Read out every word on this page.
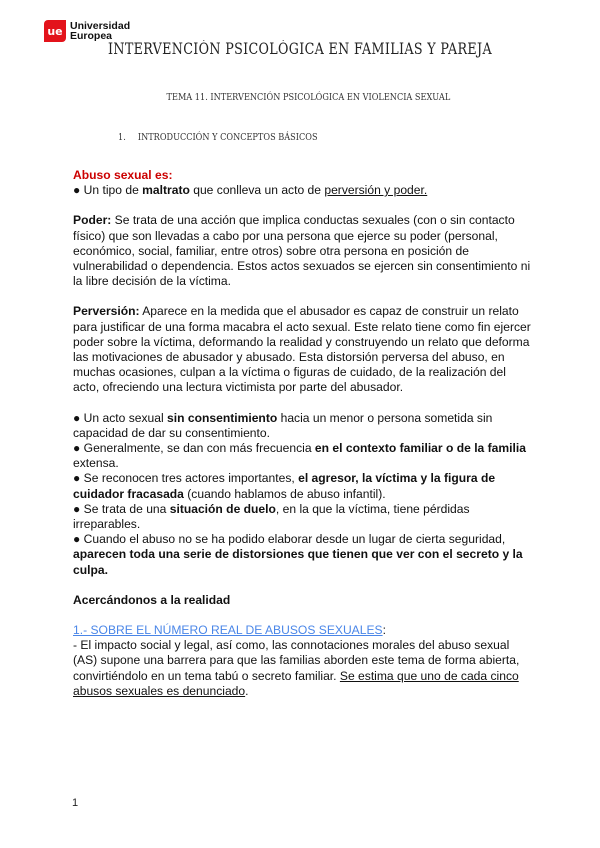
ue Universidad
Europea
INTERVENCIÓN PSICOLÓGICA EN FAMILIAS Y PAREJA
TEMA 11. INTERVENCIÓN PSICOLÓGICA EN VIOLENCIA SEXUAL
1. INTRODUCCIÓN Y CONCEPTOS BÁSICOS

Abuso sexual es:

● Un tipo de maltrato que conlleva un acto de perversión y poder.

Poder: Se trata de una acción que implica conductas sexuales (con o sin contacto físico) que son llevadas a cabo por una persona que ejerce su poder (personal, económico, social, familiar, entre otros) sobre otra persona en posición de vulnerabilidad o dependencia. Estos actos sexuados se ejercen sin consentimiento ni la libre decisión de la víctima.

Perversión: Aparece en la medida que el abusador es capaz de construir un relato para justificar de una forma macabra el acto sexual. Este relato tiene como fin ejercer poder sobre la víctima, deformando la realidad y construyendo un relato que deforma las motivaciones de abusador y abusado. Esta distorsión perversa del abuso, en muchas ocasiones, culpan a la víctima o figuras de cuidado, de la realización del acto, ofreciendo una lectura victimista por parte del abusador.

● Un acto sexual sin consentimiento hacia un menor o persona sometida sin capacidad de dar su consentimiento.

● Generalmente, se dan con más frecuencia en el contexto familiar o de la familia extensa.

● Se reconocen tres actores importantes, el agresor, la víctima y la figura de cuidador fracasada (cuando hablamos de abuso infantil).

● Se trata de una situación de duelo, en la que la víctima, tiene pérdidas irreparables.

● Cuando el abuso no se ha podido elaborar desde un lugar de cierta seguridad, aparecen toda una serie de distorsiones que tienen que ver con el secreto y la culpa.

Acercándonos a la realidad

1.- SOBRE EL NÚMERO REAL DE ABUSOS SEXUALES:

- El impacto social y legal, así como, las connotaciones morales del abuso sexual (AS) supone una barrera para que las familias aborden este tema de forma abierta, convirtiéndolo en un tema tabú o secreto familiar. Se estima que uno de cada cinco abusos sexuales es denunciado.

1
